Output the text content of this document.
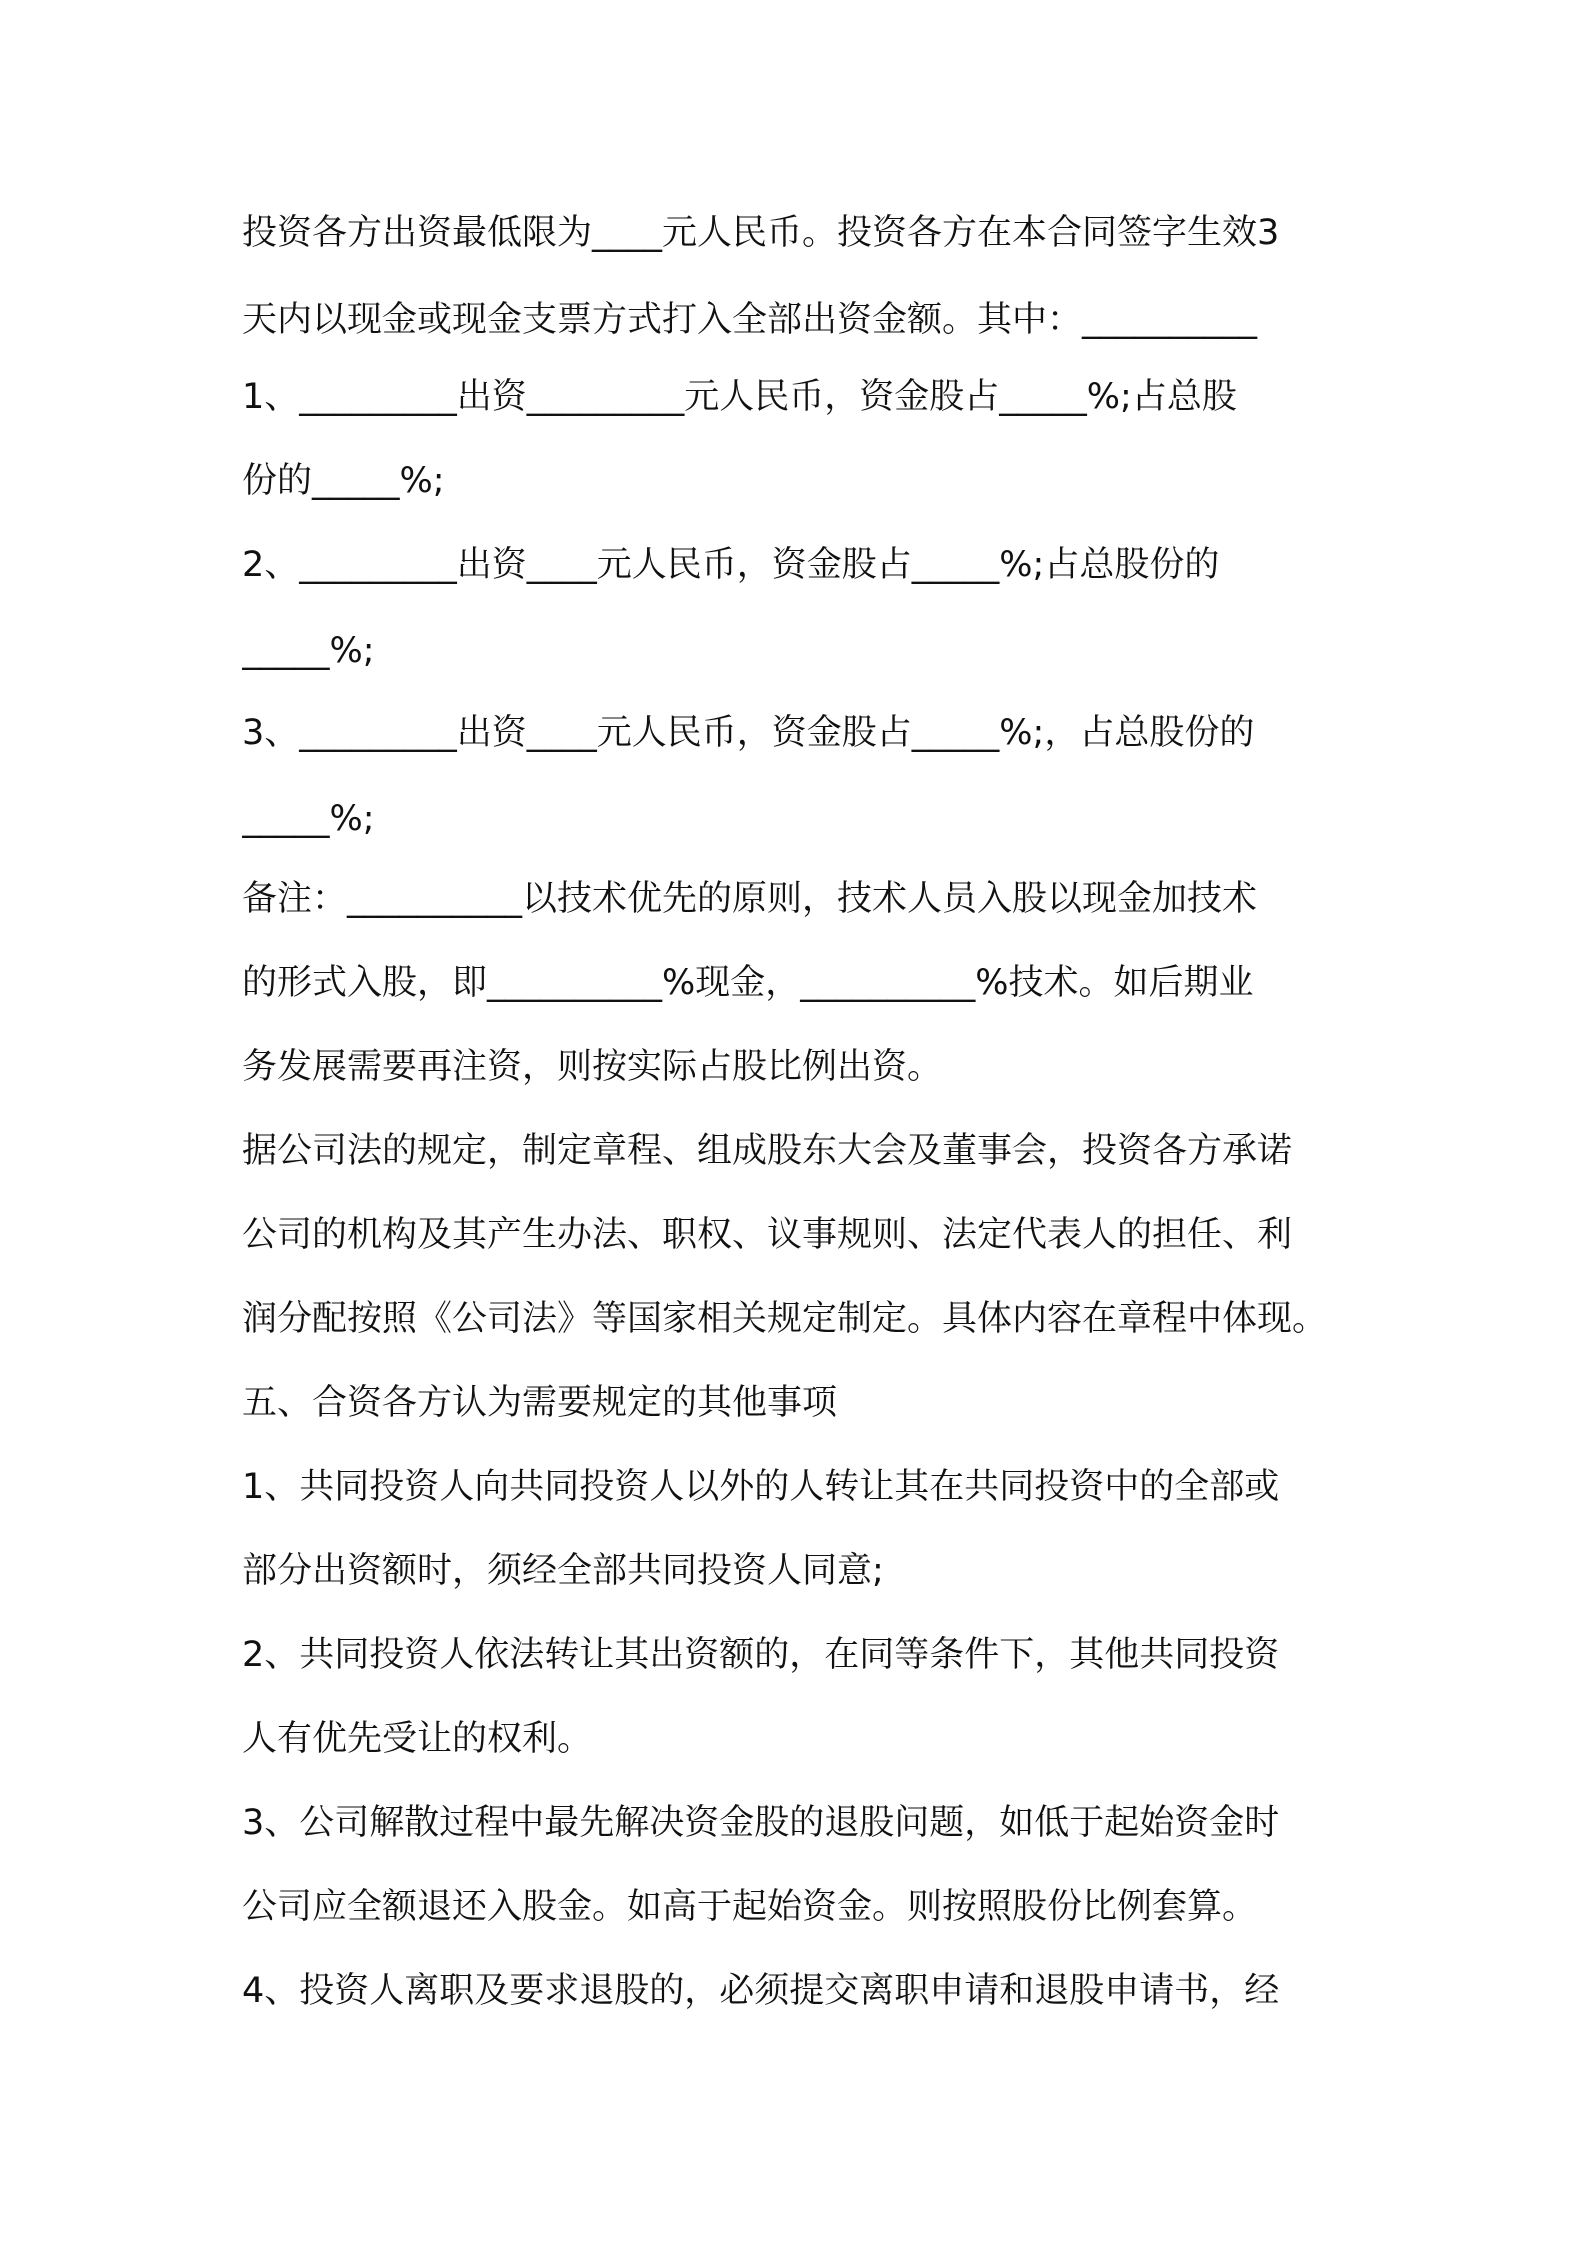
投资各方出资最低限为____元人民币。投资各方在本合同签字生效3
天内以现金或现金支票方式打入全部出资金额。其中：__________
1、_________出资_________元人民币，资金股占_____%;占总股
份的_____%;
2、_________出资____元人民币，资金股占_____%;占总股份的
_____%;
3、_________出资____元人民币，资金股占_____%;，占总股份的
_____%;
备注：__________以技术优先的原则，技术人员入股以现金加技术
的形式入股，即__________%现金，__________%技术。如后期业
务发展需要再注资，则按实际占股比例出资。
据公司法的规定，制定章程、组成股东大会及董事会，投资各方承诺
公司的机构及其产生办法、职权、议事规则、法定代表人的担任、利
润分配按照《公司法》等国家相关规定制定。具体内容在章程中体现。
五、合资各方认为需要规定的其他事项
1、共同投资人向共同投资人以外的人转让其在共同投资中的全部或
部分出资额时，须经全部共同投资人同意;
2、共同投资人依法转让其出资额的，在同等条件下，其他共同投资
人有优先受让的权利。
3、公司解散过程中最先解决资金股的退股问题，如低于起始资金时
公司应全额退还入股金。如高于起始资金。则按照股份比例套算。
4、投资人离职及要求退股的，必须提交离职申请和退股申请书，经
